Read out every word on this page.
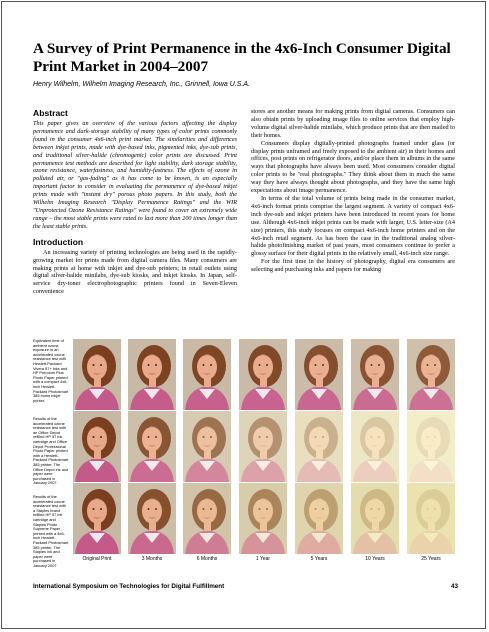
A Survey of Print Permanence in the 4x6-Inch Consumer Digital Print Market in 2004–2007
Henry Wilhelm, Wilhelm Imaging Research, Inc., Grinnell, Iowa U.S.A.
Abstract

This paper gives an overview of the various factors affecting the display permanence and dark-storage stability of many types of color prints commonly found in the consumer 4x6-inch print market. The similarities and differences between inkjet prints, made with dye-based inks, pigmented inks, dye-sub prints, and traditional silver-halide (chromogenic) color prints are discussed. Print permanence test methods are described for light stability, dark storage stability, ozone resistance, waterfastness, and humidity-fastness. The effects of ozone in polluted air, or "gas-fading" as it has come to be known, is an especially important factor to consider in evaluating the permanence of dye-based inkjet prints made with "instant dry" porous photo papers. In this study, both the Wilhelm Imaging Research "Display Permanence Ratings" and the WIR "Unprotected Ozone Resistance Ratings" were found to cover an extremely wide range – the most stable prints were rated to last more than 200 times longer than the least stable prints.

Introduction

An increasing variety of printing technologies are being used in the rapidly-growing market for prints made from digital camera files. Many consumers are making prints at home with inkjet and dye-sub printers; in retail outlets using digital silver-halide minilabs, dye-sub kiosks, and inkjet kiosks. In Japan, self-service dry-toner electrophotographic printers found in Seven-Eleven convenience

stores are another means for making prints from digital cameras. Consumers can also obtain prints by uploading image files to online services that employ high-volume digital silver-halide minilabs, which produce prints that are then mailed to their homes.

Consumers display digitally-printed photographs framed under glass (or display prints unframed and freely exposed to the ambient air) in their homes and offices, post prints on refrigerator doors, and/or place them in albums in the same ways that photographs have always been used. Most consumers consider digital color prints to be "real photographs." They think about them in much the same way they have always thought about photographs, and they have the same high expectations about image permanence.

In terms of the total volume of prints being made in the consumer market, 4x6-inch format prints comprise the largest segment. A variety of compact 4x6-inch dye-sub and inkjet printers have been introduced in recent years for home use. Although 4x6-inch inkjet prints can be made with larger, U.S. letter-size (A4 size) printers, this study focuses on compact 4x6-inch home printers and on the 4x6-inch retail segment. As has been the case in the traditional analog silver-halide photofinishing market of past years, most consumers continue to prefer a glossy surface for their digital prints in the relatively small, 4x6-inch size range.

For the first time in the history of photography, digital era consumers are selecting and purchasing inks and papers for making

Equivalent time of ambient ozone exposure in an accelerated ozone resistance test with Hewlett-Packard Vivera 57+ inks and HP Premium Plus Photo Paper printed with a compact 4x6-inch Hewlett-Packard Photosmart 385 home inkjet printer.
Results of the accelerated ozone resistance test with an Office Depot refilled HP 57 ink cartridge and Office Depot Professional Photo Paper printed with a Hewlett-Packard Photosmart 385 printer. The Office Depot ink and paper were purchased in January 2007.
Results of the accelerated ozone resistance test with a Staples brand refilled HP 57 ink cartridge and Staples Photo Supreme Paper printed with a 4x6-inch Hewlett-Packard Photosmart 385 printer. The Staples ink and paper were purchased in January 2007.
Original Print	3 Months	6 Months	1 Year	5 Years	10 Years	25 Years
International Symposium on Technologies for Digital Fulfillment	43
